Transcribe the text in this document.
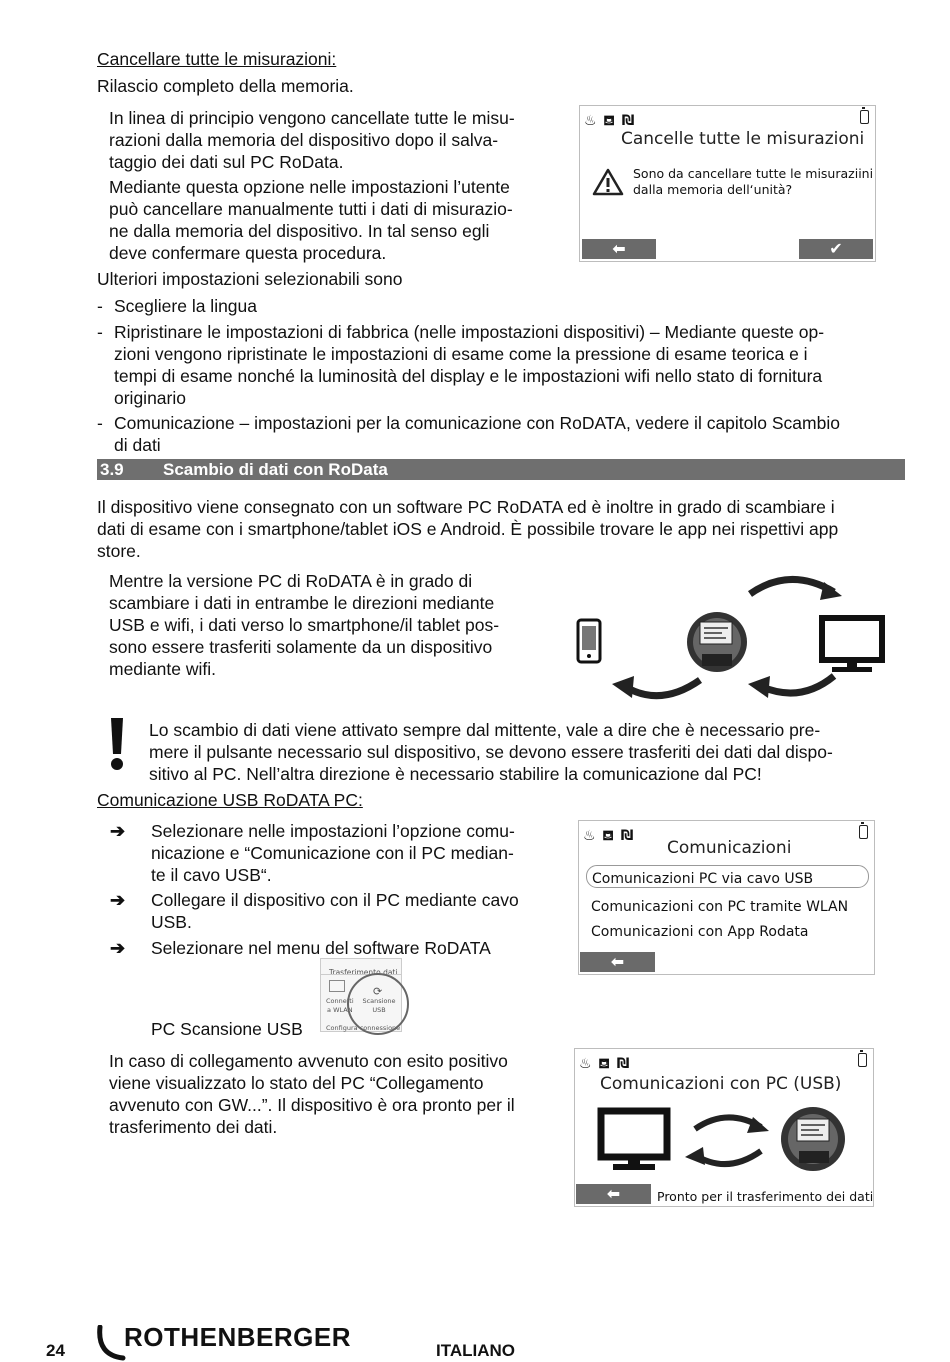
Cancellare tutte le misurazioni:
Rilascio completo della memoria.
In linea di principio vengono cancellate tutte le misu-
razioni dalla memoria del dispositivo dopo il salva-
taggio dei dati sul PC RoData.
Mediante questa opzione nelle impostazioni l’utente
può cancellare manualmente tutti i dati di misurazio-
ne dalla memoria del dispositivo. In tal senso egli
deve confermare questa procedura.
Ulteriori impostazioni selezionabili sono
- Scegliere la lingua
- Ripristinare le impostazioni di fabbrica (nelle impostazioni dispositivi) – Mediante queste op-
zioni vengono ripristinate le impostazioni di esame come la pressione di esame teorica e i
tempi di esame nonché la luminosità del display e le impostazioni wifi nello stato di fornitura
originario
- Comunicazione – impostazioni per la comunicazione con RoDATA, vedere il capitolo Scambio
di dati
♨ ⛾ ₪
Cancelle tutte le misurazioni
Sono da cancellare tutte le misuraziini
dalla memoria dell‘unità?
⬅	✔
3.9 Scambio di dati con RoData
Il dispositivo viene consegnato con un software PC RoDATA ed è inoltre in grado di scambiare i
dati di esame con i smartphone/tablet iOS e Android. È possibile trovare le app nei rispettivi app
store.
Mentre la versione PC di RoDATA è in grado di
scambiare i dati in entrambe le direzioni mediante
USB e wifi, i dati verso lo smartphone/il tablet pos-
sono essere trasferiti solamente da un dispositivo
mediante wifi.
Lo scambio di dati viene attivato sempre dal mittente, vale a dire che è necessario pre-
mere il pulsante necessario sul dispositivo, se devono essere trasferiti dei dati dal dispo-
sitivo al PC. Nell’altra direzione è necessario stabilire la comunicazione dal PC!
Comunicazione USB RoDATA PC:
➔ Selezionare nelle impostazioni l’opzione comu-
nicazione e “Comunicazione con il PC median-
te il cavo USB“.
➔ Collegare il dispositivo con il PC mediante cavo
USB.
➔ Selezionare nel menu del software RoDATA
PC Scansione USB
Trasferimento dati
Connetti
a WLAN
⟳
Scansione
USB
Configura connessione
In caso di collegamento avvenuto con esito positivo
viene visualizzato lo stato del PC “Collegamento
avvenuto con GW...”. Il dispositivo è ora pronto per il
trasferimento dei dati.
♨ ⛾ ₪
Comunicazioni
Comunicazioni PC via cavo USB
Comunicazioni con PC tramite WLAN
Comunicazioni con App Rodata
⬅
♨ ⛾ ₪
Comunicazioni con PC (USB)
⬅	Pronto per il trasferimento dei dati
24 ROTHENBERGER	ITALIANO
